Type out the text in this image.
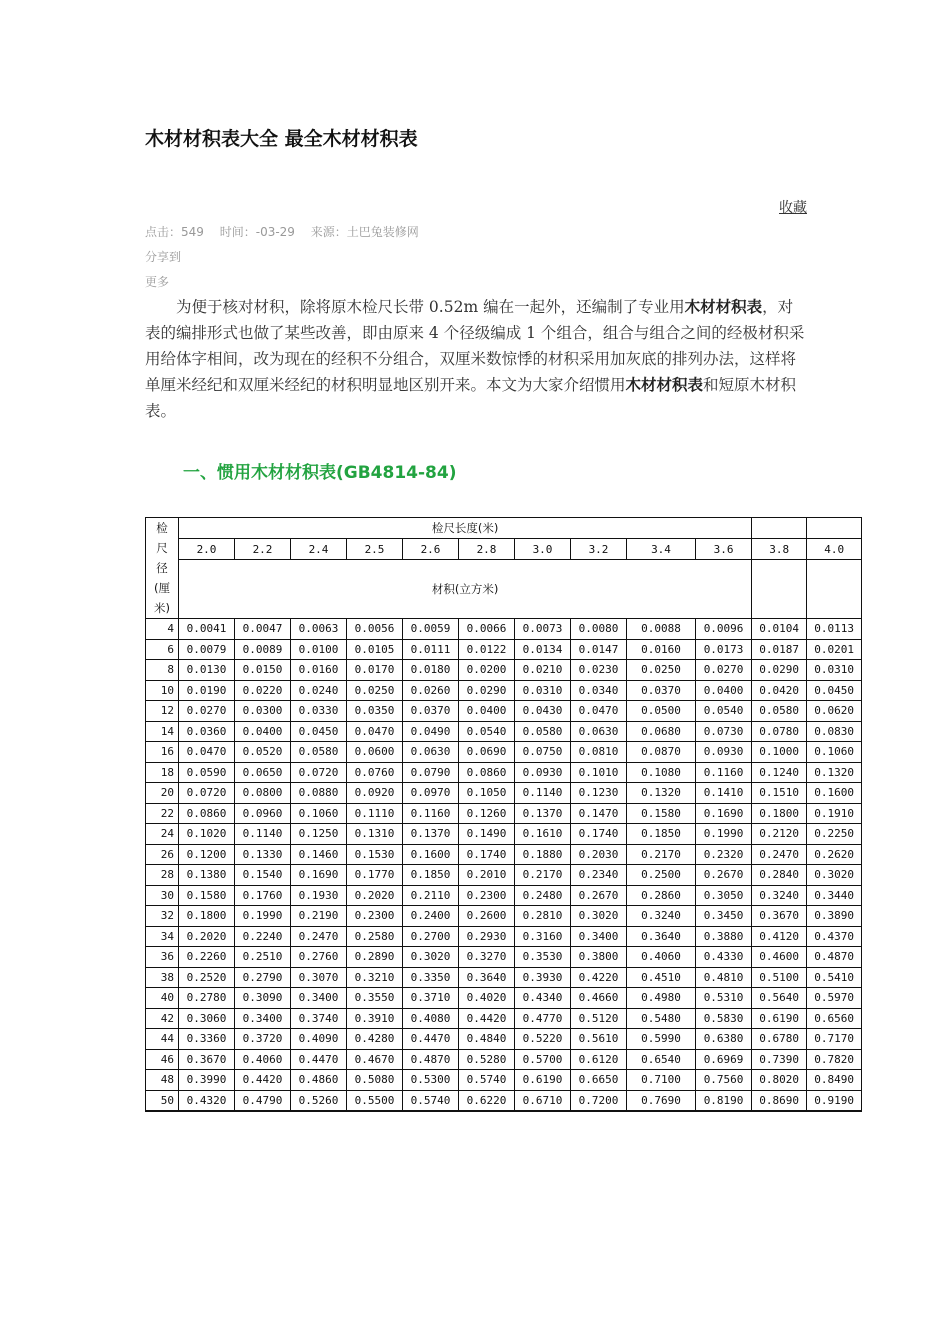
木材材积表大全 最全木材材积表
收藏
点击：549 时间：-03-29 来源：土巴兔装修网
分享到
更多

为便于核对材积，除将原木检尺长带 0.52m 编在一起外，还编制了专业用木材材积表，对表的编排形式也做了某些改善，即由原来 4 个径级编成 1 个组合，组合与组合之间的经极材积采用给体字相间，改为现在的经积不分组合，双厘米数惊悸的材积采用加灰底的排列办法，这样将单厘米经纪和双厘米经纪的材积明显地区别开来。本文为大家介绍惯用木材材积表和短原木材积表。

一、惯用木材材积表(GB4814-84)
检
尺
径
(厘
米)	检尺长度(米)											
	2.0	2.2	2.4	2.5	2.6	2.8	3.0	3.2	3.4	3.6	3.8	4.0
	材积(立方米)											
4	0.0041	0.0047	0.0063	0.0056	0.0059	0.0066	0.0073	0.0080	0.0088	0.0096	0.0104	0.0113
6	0.0079	0.0089	0.0100	0.0105	0.0111	0.0122	0.0134	0.0147	0.0160	0.0173	0.0187	0.0201
8	0.0130	0.0150	0.0160	0.0170	0.0180	0.0200	0.0210	0.0230	0.0250	0.0270	0.0290	0.0310
10	0.0190	0.0220	0.0240	0.0250	0.0260	0.0290	0.0310	0.0340	0.0370	0.0400	0.0420	0.0450
12	0.0270	0.0300	0.0330	0.0350	0.0370	0.0400	0.0430	0.0470	0.0500	0.0540	0.0580	0.0620
14	0.0360	0.0400	0.0450	0.0470	0.0490	0.0540	0.0580	0.0630	0.0680	0.0730	0.0780	0.0830
16	0.0470	0.0520	0.0580	0.0600	0.0630	0.0690	0.0750	0.0810	0.0870	0.0930	0.1000	0.1060
18	0.0590	0.0650	0.0720	0.0760	0.0790	0.0860	0.0930	0.1010	0.1080	0.1160	0.1240	0.1320
20	0.0720	0.0800	0.0880	0.0920	0.0970	0.1050	0.1140	0.1230	0.1320	0.1410	0.1510	0.1600
22	0.0860	0.0960	0.1060	0.1110	0.1160	0.1260	0.1370	0.1470	0.1580	0.1690	0.1800	0.1910
24	0.1020	0.1140	0.1250	0.1310	0.1370	0.1490	0.1610	0.1740	0.1850	0.1990	0.2120	0.2250
26	0.1200	0.1330	0.1460	0.1530	0.1600	0.1740	0.1880	0.2030	0.2170	0.2320	0.2470	0.2620
28	0.1380	0.1540	0.1690	0.1770	0.1850	0.2010	0.2170	0.2340	0.2500	0.2670	0.2840	0.3020
30	0.1580	0.1760	0.1930	0.2020	0.2110	0.2300	0.2480	0.2670	0.2860	0.3050	0.3240	0.3440
32	0.1800	0.1990	0.2190	0.2300	0.2400	0.2600	0.2810	0.3020	0.3240	0.3450	0.3670	0.3890
34	0.2020	0.2240	0.2470	0.2580	0.2700	0.2930	0.3160	0.3400	0.3640	0.3880	0.4120	0.4370
36	0.2260	0.2510	0.2760	0.2890	0.3020	0.3270	0.3530	0.3800	0.4060	0.4330	0.4600	0.4870
38	0.2520	0.2790	0.3070	0.3210	0.3350	0.3640	0.3930	0.4220	0.4510	0.4810	0.5100	0.5410
40	0.2780	0.3090	0.3400	0.3550	0.3710	0.4020	0.4340	0.4660	0.4980	0.5310	0.5640	0.5970
42	0.3060	0.3400	0.3740	0.3910	0.4080	0.4420	0.4770	0.5120	0.5480	0.5830	0.6190	0.6560
44	0.3360	0.3720	0.4090	0.4280	0.4470	0.4840	0.5220	0.5610	0.5990	0.6380	0.6780	0.7170
46	0.3670	0.4060	0.4470	0.4670	0.4870	0.5280	0.5700	0.6120	0.6540	0.6969	0.7390	0.7820
48	0.3990	0.4420	0.4860	0.5080	0.5300	0.5740	0.6190	0.6650	0.7100	0.7560	0.8020	0.8490
50	0.4320	0.4790	0.5260	0.5500	0.5740	0.6220	0.6710	0.7200	0.7690	0.8190	0.8690	0.9190
